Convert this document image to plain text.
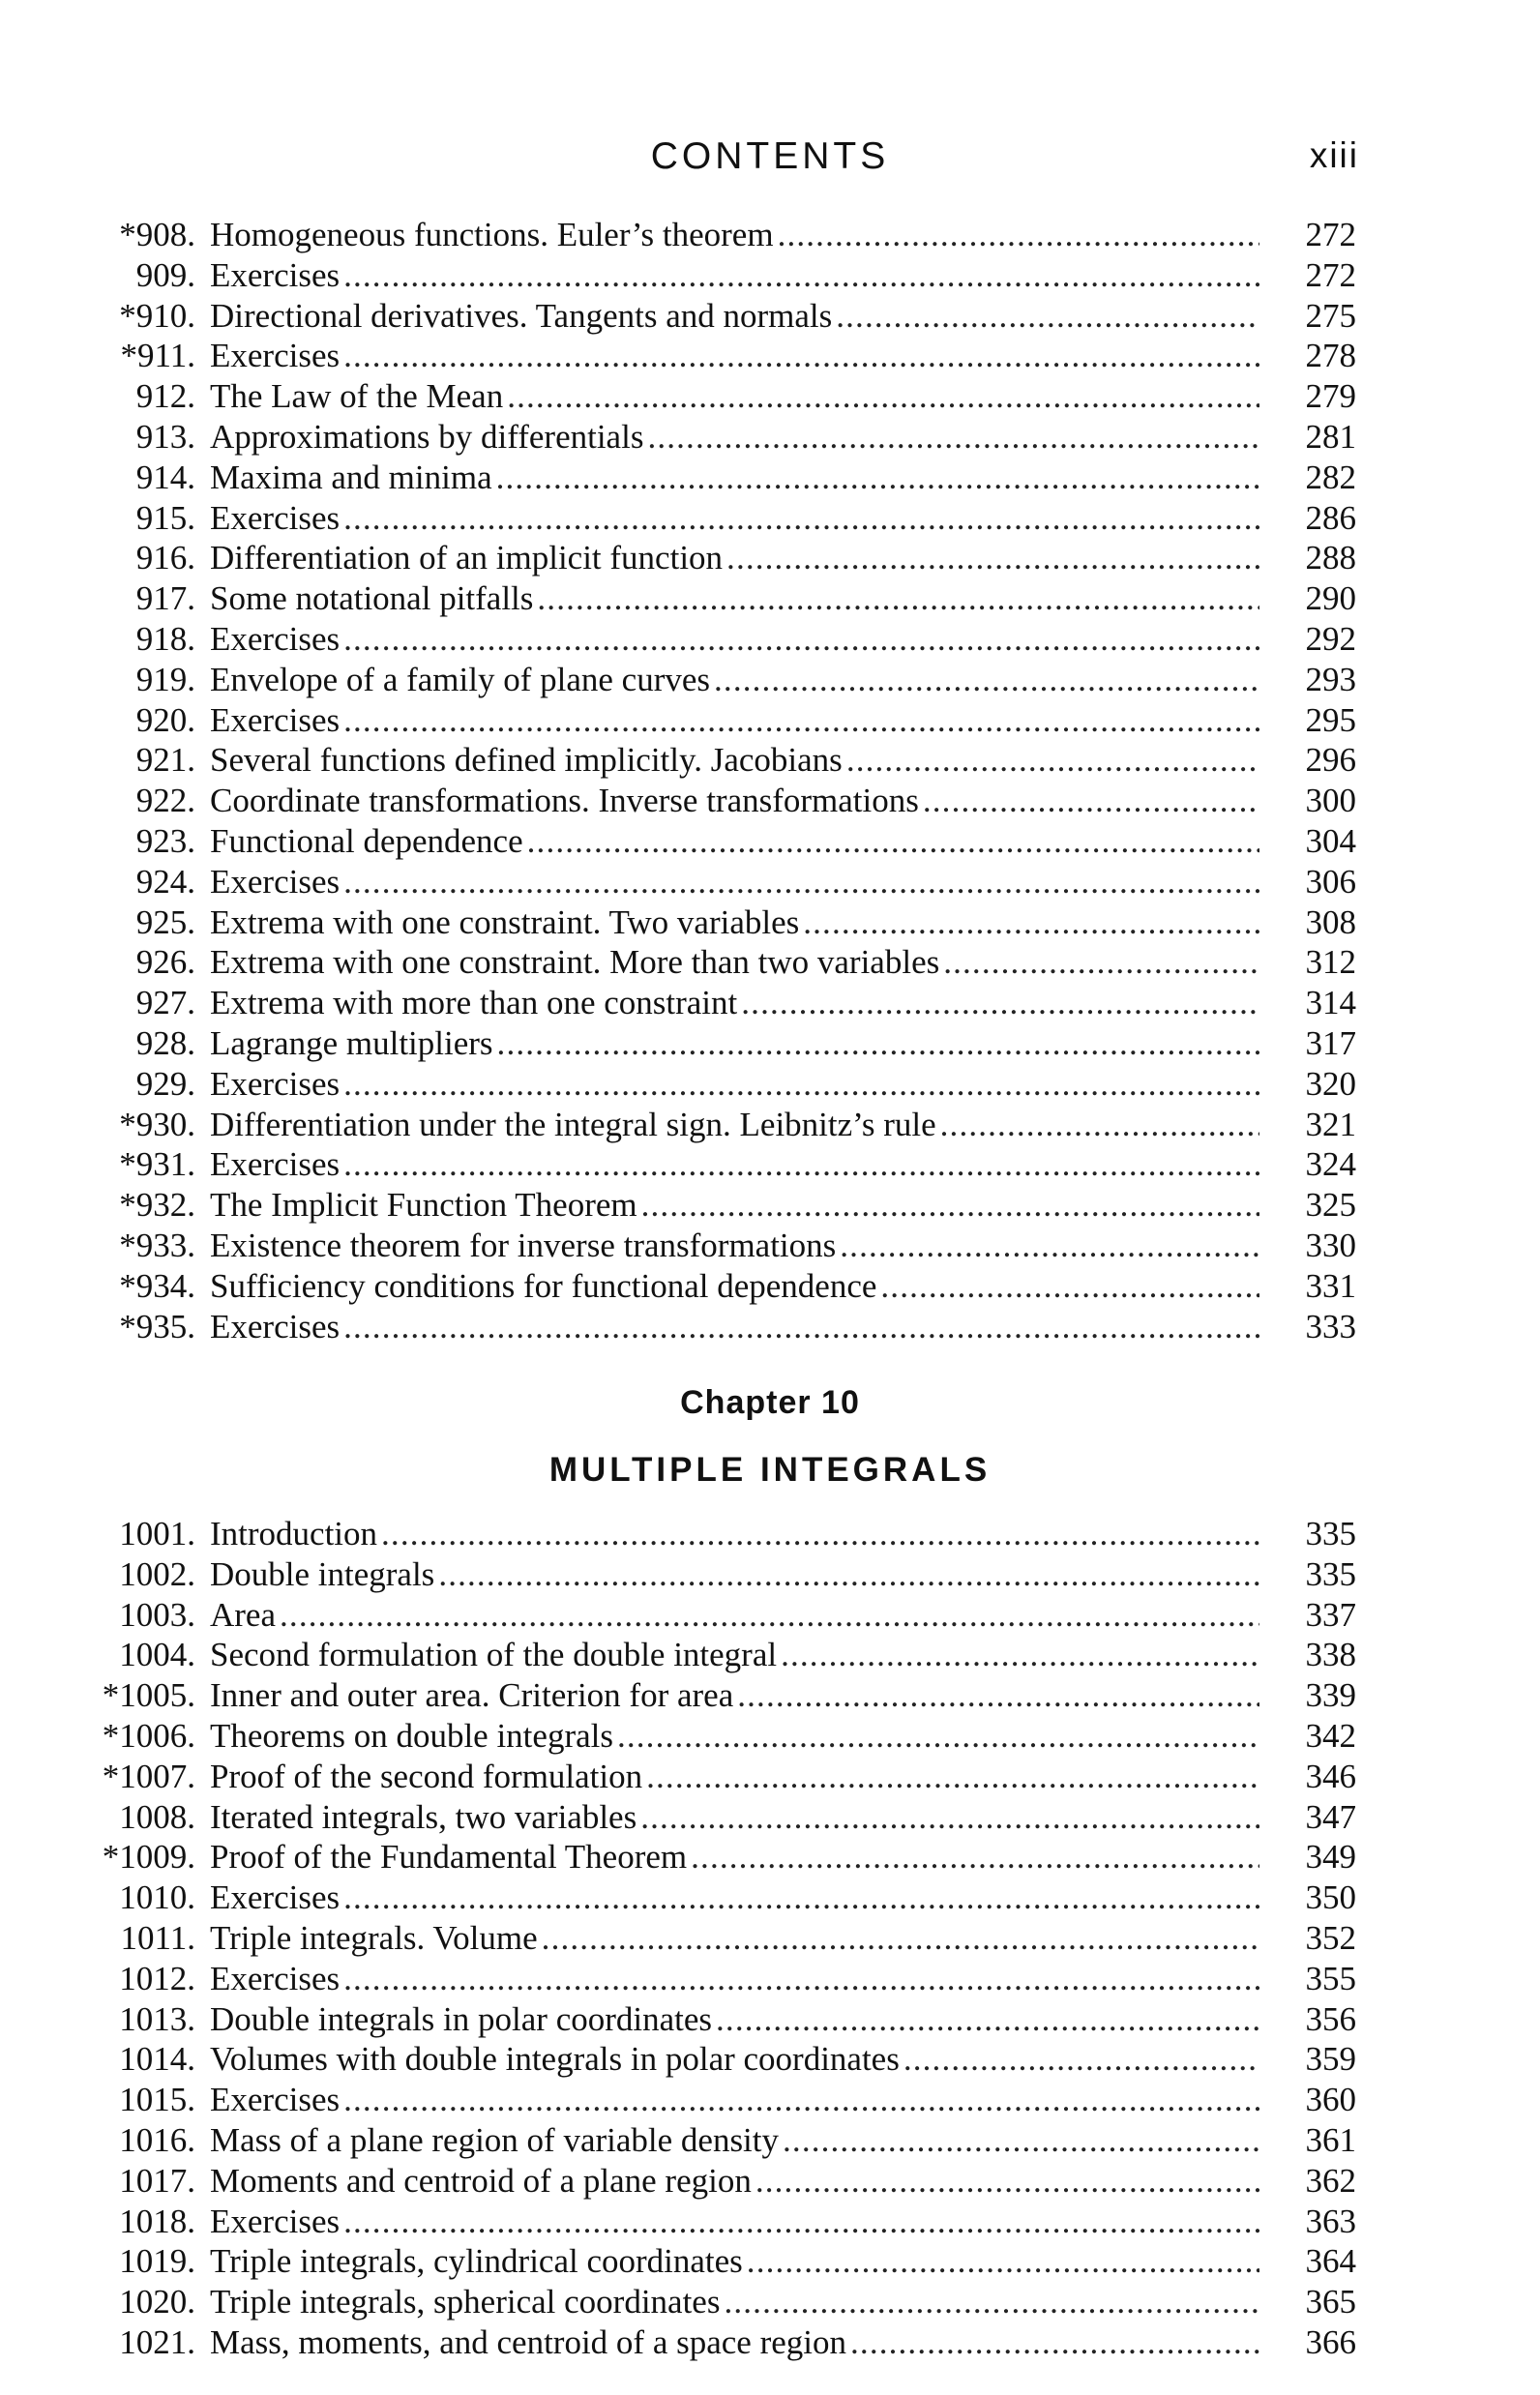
CONTENTS	xiii
*908. Homogeneous functions. Euler’s theorem . . .	272
909. Exercises . . .	272
*910. Directional derivatives. Tangents and normals . . .	275
*911. Exercises . . .	278
912. The Law of the Mean . . .	279
913. Approximations by differentials . . .	281
914. Maxima and minima . . .	282
915. Exercises . . .	286
916. Differentiation of an implicit function . . .	288
917. Some notational pitfalls . . .	290
918. Exercises . . .	292
919. Envelope of a family of plane curves . . .	293
920. Exercises . . .	295
921. Several functions defined implicitly. Jacobians . . .	296
922. Coordinate transformations. Inverse transformations . . .	300
923. Functional dependence . . .	304
924. Exercises . . .	306
925. Extrema with one constraint. Two variables . . .	308
926. Extrema with one constraint. More than two variables . . .	312
927. Extrema with more than one constraint . . .	314
928. Lagrange multipliers . . .	317
929. Exercises . . .	320
*930. Differentiation under the integral sign. Leibnitz’s rule . . .	321
*931. Exercises . . .	324
*932. The Implicit Function Theorem . . .	325
*933. Existence theorem for inverse transformations . . .	330
*934. Sufficiency conditions for functional dependence . . .	331
*935. Exercises . . .	333
Chapter 10
MULTIPLE INTEGRALS
1001. Introduction . . .	335
1002. Double integrals . . .	335
1003. Area . . .	337
1004. Second formulation of the double integral . . .	338
*1005. Inner and outer area. Criterion for area . . .	339
*1006. Theorems on double integrals . . .	342
*1007. Proof of the second formulation . . .	346
1008. Iterated integrals, two variables . . .	347
*1009. Proof of the Fundamental Theorem . . .	349
1010. Exercises . . .	350
1011. Triple integrals. Volume . . .	352
1012. Exercises . . .	355
1013. Double integrals in polar coordinates . . .	356
1014. Volumes with double integrals in polar coordinates . . .	359
1015. Exercises . . .	360
1016. Mass of a plane region of variable density . . .	361
1017. Moments and centroid of a plane region . . .	362
1018. Exercises . . .	363
1019. Triple integrals, cylindrical coordinates . . .	364
1020. Triple integrals, spherical coordinates . . .	365
1021. Mass, moments, and centroid of a space region . . .	366
